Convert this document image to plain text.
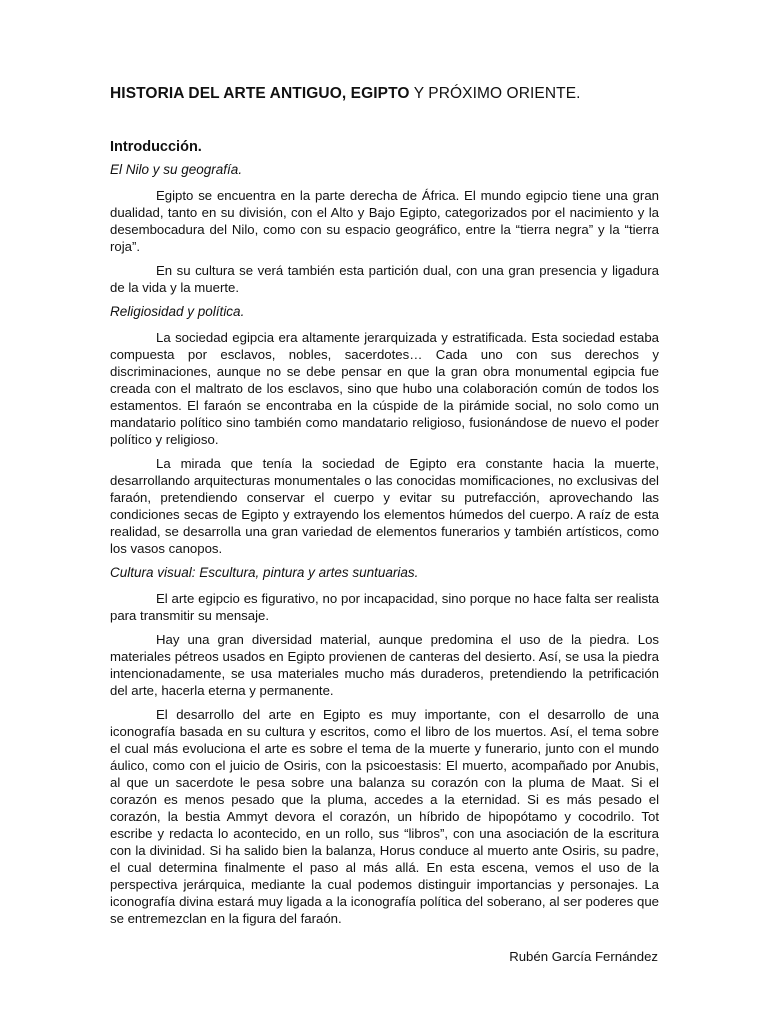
HISTORIA DEL ARTE ANTIGUO, EGIPTO Y PRÓXIMO ORIENTE.
Introducción.
El Nilo y su geografía.

Egipto se encuentra en la parte derecha de África. El mundo egipcio tiene una gran dualidad, tanto en su división, con el Alto y Bajo Egipto, categorizados por el nacimiento y la desembocadura del Nilo, como con su espacio geográfico, entre la “tierra negra” y la “tierra roja”.

En su cultura se verá también esta partición dual, con una gran presencia y ligadura de la vida y la muerte.

Religiosidad y política.

La sociedad egipcia era altamente jerarquizada y estratificada. Esta sociedad estaba compuesta por esclavos, nobles, sacerdotes… Cada uno con sus derechos y discriminaciones, aunque no se debe pensar en que la gran obra monumental egipcia fue creada con el maltrato de los esclavos, sino que hubo una colaboración común de todos los estamentos. El faraón se encontraba en la cúspide de la pirámide social, no solo como un mandatario político sino también como mandatario religioso, fusionándose de nuevo el poder político y religioso.

La mirada que tenía la sociedad de Egipto era constante hacia la muerte, desarrollando arquitecturas monumentales o las conocidas momificaciones, no exclusivas del faraón, pretendiendo conservar el cuerpo y evitar su putrefacción, aprovechando las condiciones secas de Egipto y extrayendo los elementos húmedos del cuerpo. A raíz de esta realidad, se desarrolla una gran variedad de elementos funerarios y también artísticos, como los vasos canopos.

Cultura visual: Escultura, pintura y artes suntuarias.

El arte egipcio es figurativo, no por incapacidad, sino porque no hace falta ser realista para transmitir su mensaje.

Hay una gran diversidad material, aunque predomina el uso de la piedra. Los materiales pétreos usados en Egipto provienen de canteras del desierto. Así, se usa la piedra intencionadamente, se usa materiales mucho más duraderos, pretendiendo la petrificación del arte, hacerla eterna y permanente.

El desarrollo del arte en Egipto es muy importante, con el desarrollo de una iconografía basada en su cultura y escritos, como el libro de los muertos. Así, el tema sobre el cual más evoluciona el arte es sobre el tema de la muerte y funerario, junto con el mundo áulico, como con el juicio de Osiris, con la psicoestasis: El muerto, acompañado por Anubis, al que un sacerdote le pesa sobre una balanza su corazón con la pluma de Maat. Si el corazón es menos pesado que la pluma, accedes a la eternidad. Si es más pesado el corazón, la bestia Ammyt devora el corazón, un híbrido de hipopótamo y cocodrilo. Tot escribe y redacta lo acontecido, en un rollo, sus “libros”, con una asociación de la escritura con la divinidad. Si ha salido bien la balanza, Horus conduce al muerto ante Osiris, su padre, el cual determina finalmente el paso al más allá. En esta escena, vemos el uso de la perspectiva jerárquica, mediante la cual podemos distinguir importancias y personajes. La iconografía divina estará muy ligada a la iconografía política del soberano, al ser poderes que se entremezclan en la figura del faraón.

Rubén García Fernández
